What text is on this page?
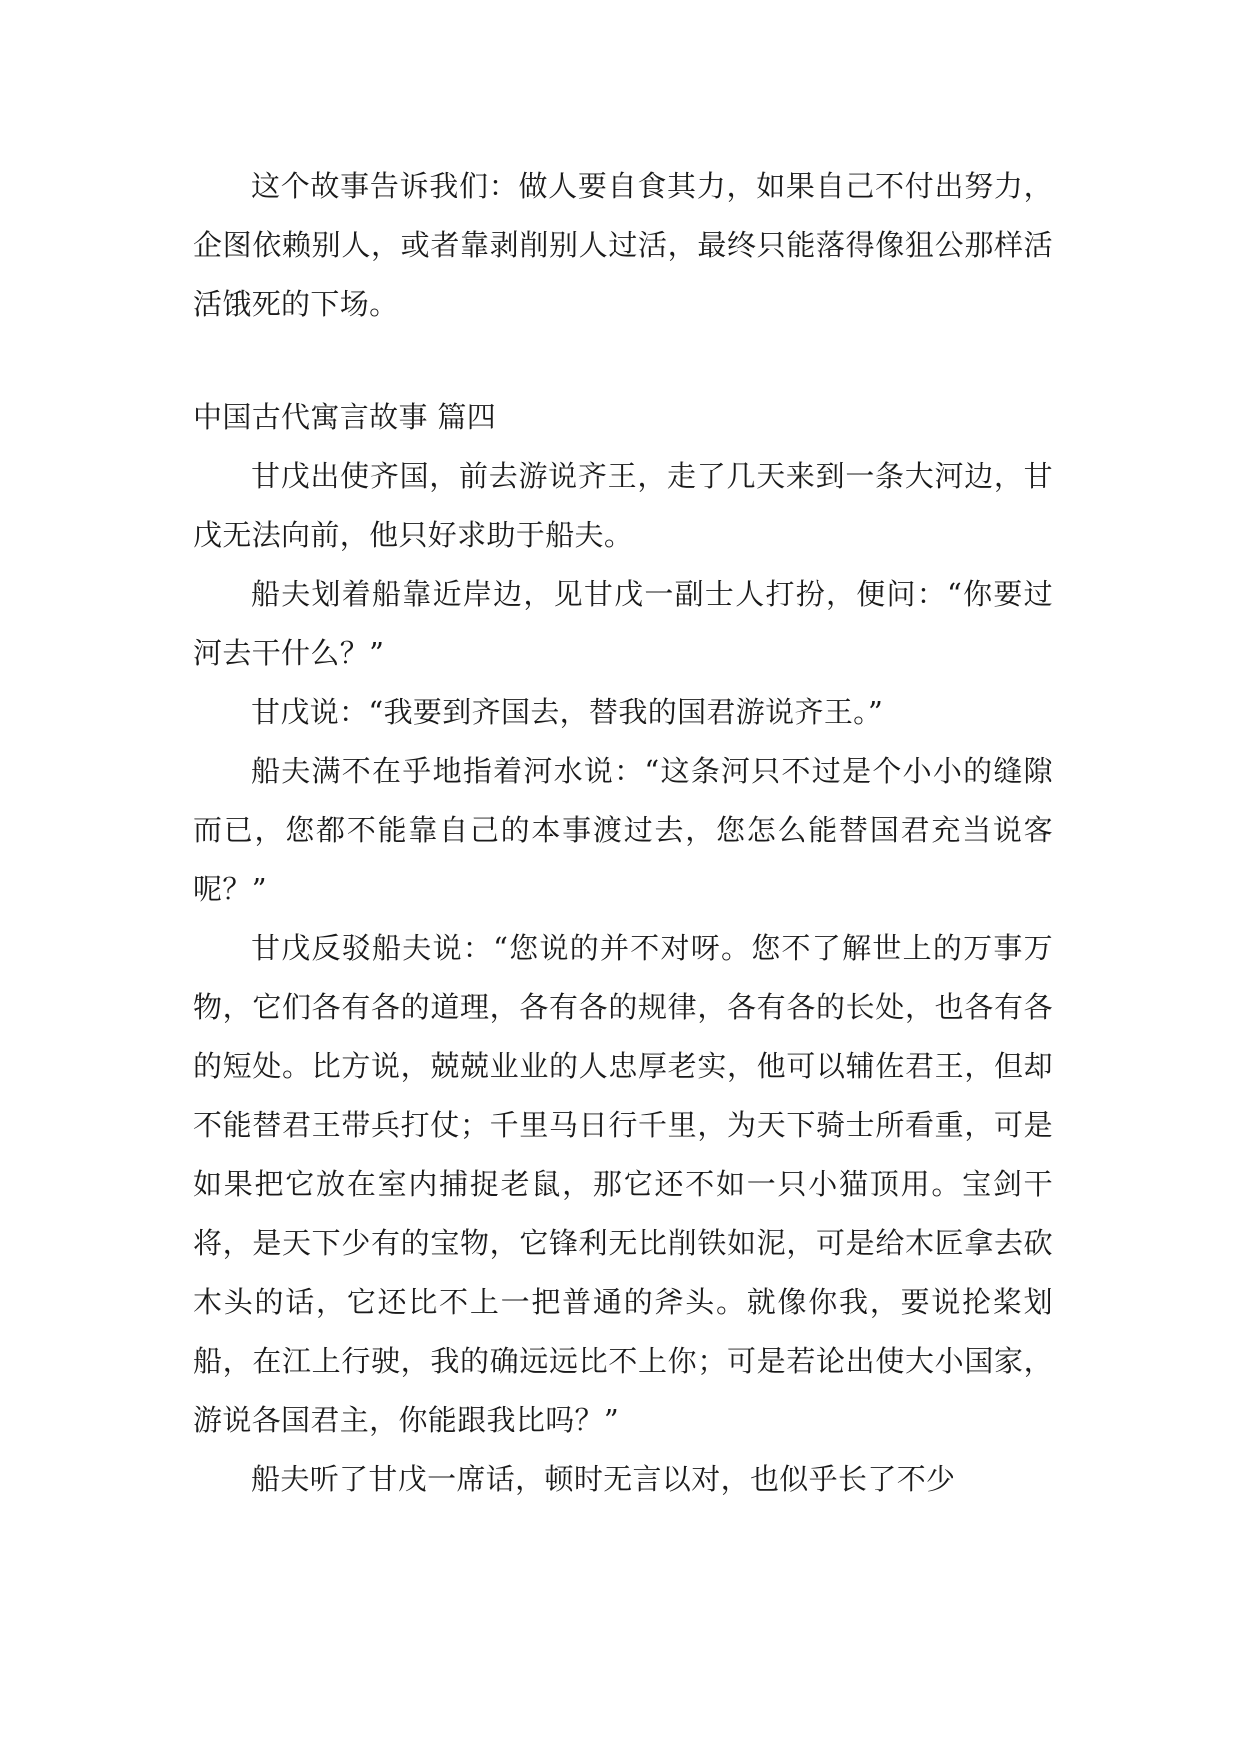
这个故事告诉我们：做人要自食其力，如果自己不付出努力，企图依赖别人，或者靠剥削别人过活，最终只能落得像狙公那样活活饿死的下场。

中国古代寓言故事 篇四

甘戊出使齐国，前去游说齐王，走了几天来到一条大河边，甘戊无法向前，他只好求助于船夫。

船夫划着船靠近岸边，见甘戊一副士人打扮，便问：“你要过河去干什么？”

甘戊说：“我要到齐国去，替我的国君游说齐王。”

船夫满不在乎地指着河水说：“这条河只不过是个小小的缝隙而已，您都不能靠自己的本事渡过去，您怎么能替国君充当说客呢？”

甘戊反驳船夫说：“您说的并不对呀。您不了解世上的万事万物，它们各有各的道理，各有各的规律，各有各的长处，也各有各的短处。比方说，兢兢业业的人忠厚老实，他可以辅佐君王，但却不能替君王带兵打仗；千里马日行千里，为天下骑士所看重，可是如果把它放在室内捕捉老鼠，那它还不如一只小猫顶用。宝剑干将，是天下少有的宝物，它锋利无比削铁如泥，可是给木匠拿去砍木头的话，它还比不上一把普通的斧头。就像你我，要说抡桨划船，在江上行驶，我的确远远比不上你；可是若论出使大小国家，游说各国君主，你能跟我比吗？”

船夫听了甘戊一席话，顿时无言以对，也似乎长了不少
